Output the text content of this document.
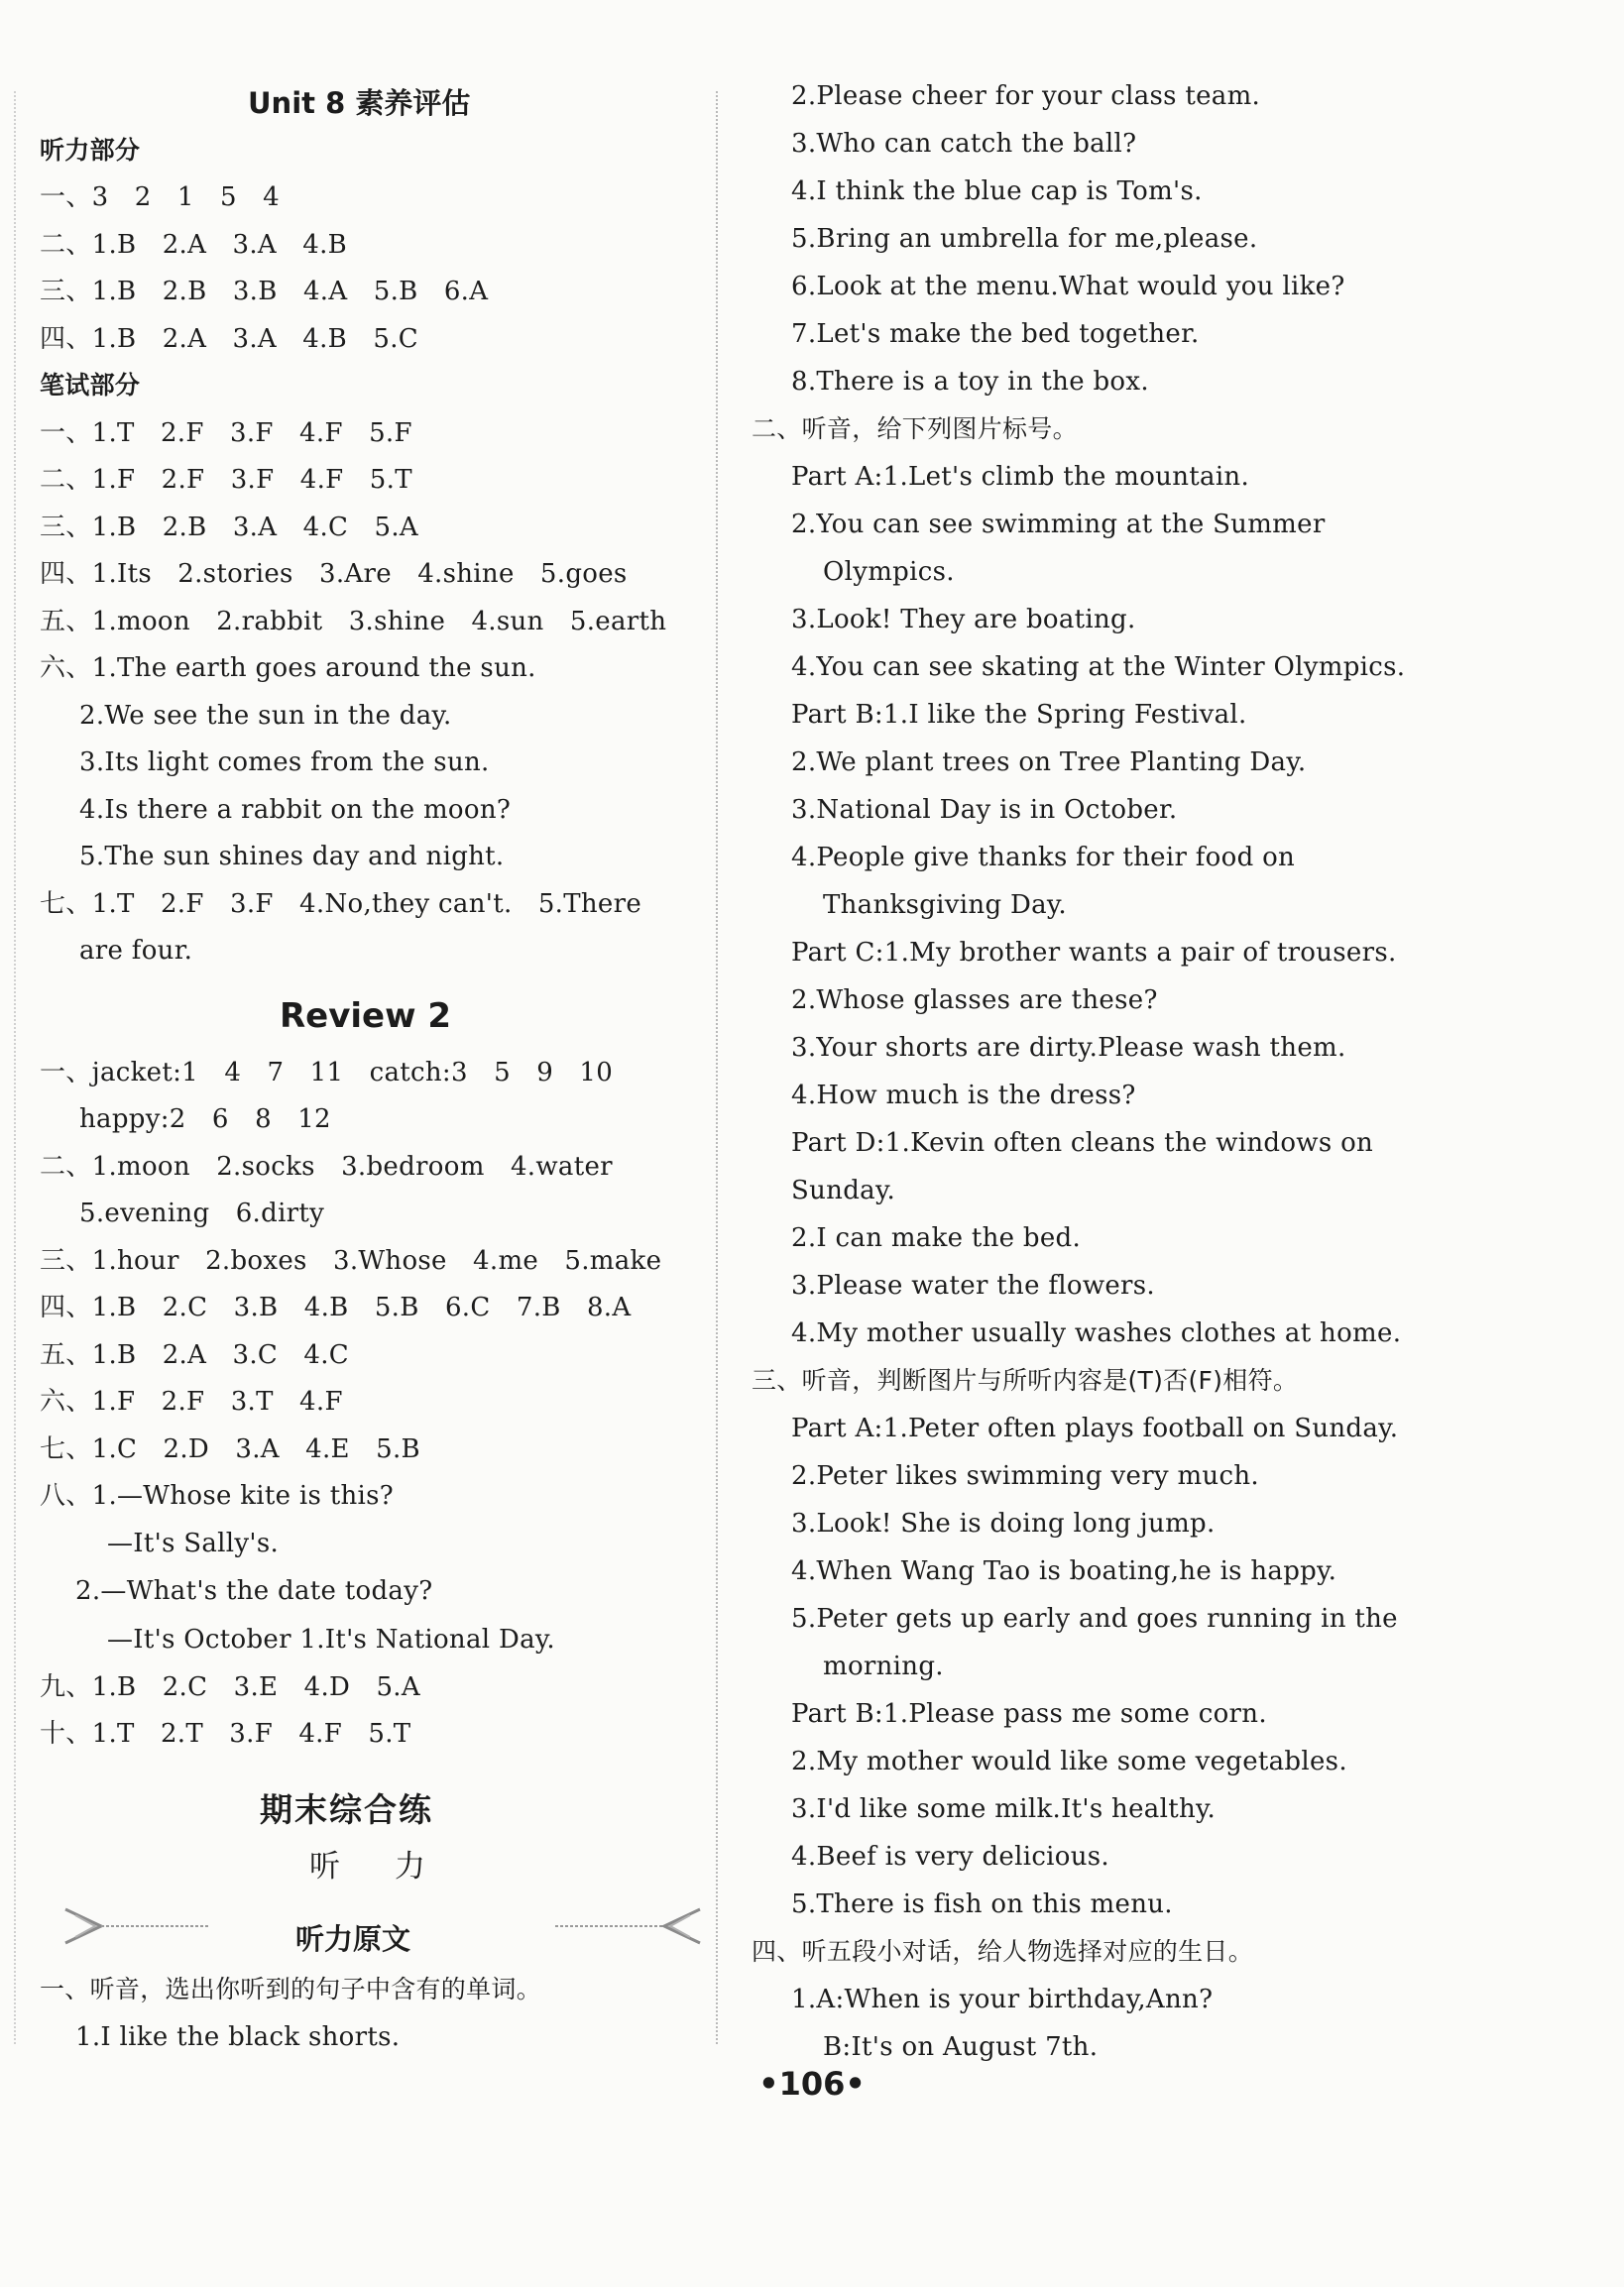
Unit 8 素养评估
听力部分
一、3　2　1　5　4
二、1.B　2.A　3.A　4.B
三、1.B　2.B　3.B　4.A　5.B　6.A
四、1.B　2.A　3.A　4.B　5.C
笔试部分
一、1.T　2.F　3.F　4.F　5.F
二、1.F　2.F　3.F　4.F　5.T
三、1.B　2.B　3.A　4.C　5.A
四、1.Its　2.stories　3.Are　4.shine　5.goes
五、1.moon　2.rabbit　3.shine　4.sun　5.earth
六、1.The earth goes around the sun.
2.We see the sun in the day.
3.Its light comes from the sun.
4.Is there a rabbit on the moon?
5.The sun shines day and night.
七、1.T　2.F　3.F　4.No,they can't.　5.There
are four.
Review 2
一、jacket:1　4　7　11　catch:3　5　9　10
happy:2　6　8　12
二、1.moon　2.socks　3.bedroom　4.water
5.evening　6.dirty
三、1.hour　2.boxes　3.Whose　4.me　5.make
四、1.B　2.C　3.B　4.B　5.B　6.C　7.B　8.A
五、1.B　2.A　3.C　4.C
六、1.F　2.F　3.T　4.F
七、1.C　2.D　3.A　4.E　5.B
八、1.—Whose kite is this?
—It's Sally's.
2.—What's the date today?
—It's October 1.It's National Day.
九、1.B　2.C　3.E　4.D　5.A
十、1.T　2.T　3.F　4.F　5.T
期末综合练
听　力
听力原文
一、听音，选出你听到的句子中含有的单词。
1.I like the black shorts.
2.Please cheer for your class team.
3.Who can catch the ball?
4.I think the blue cap is Tom's.
5.Bring an umbrella for me,please.
6.Look at the menu.What would you like?
7.Let's make the bed together.
8.There is a toy in the box.
二、听音，给下列图片标号。
Part A:1.Let's climb the mountain.
2.You can see swimming at the Summer
Olympics.
3.Look! They are boating.
4.You can see skating at the Winter Olympics.
Part B:1.I like the Spring Festival.
2.We plant trees on Tree Planting Day.
3.National Day is in October.
4.People give thanks for their food on
Thanksgiving Day.
Part C:1.My brother wants a pair of trousers.
2.Whose glasses are these?
3.Your shorts are dirty.Please wash them.
4.How much is the dress?
Part D:1.Kevin often cleans the windows on
Sunday.
2.I can make the bed.
3.Please water the flowers.
4.My mother usually washes clothes at home.
三、听音，判断图片与所听内容是(T)否(F)相符。
Part A:1.Peter often plays football on Sunday.
2.Peter likes swimming very much.
3.Look! She is doing long jump.
4.When Wang Tao is boating,he is happy.
5.Peter gets up early and goes running in the
morning.
Part B:1.Please pass me some corn.
2.My mother would like some vegetables.
3.I'd like some milk.It's healthy.
4.Beef is very delicious.
5.There is fish on this menu.
四、听五段小对话，给人物选择对应的生日。
1.A:When is your birthday,Ann?
B:It's on August 7th.
•106•
